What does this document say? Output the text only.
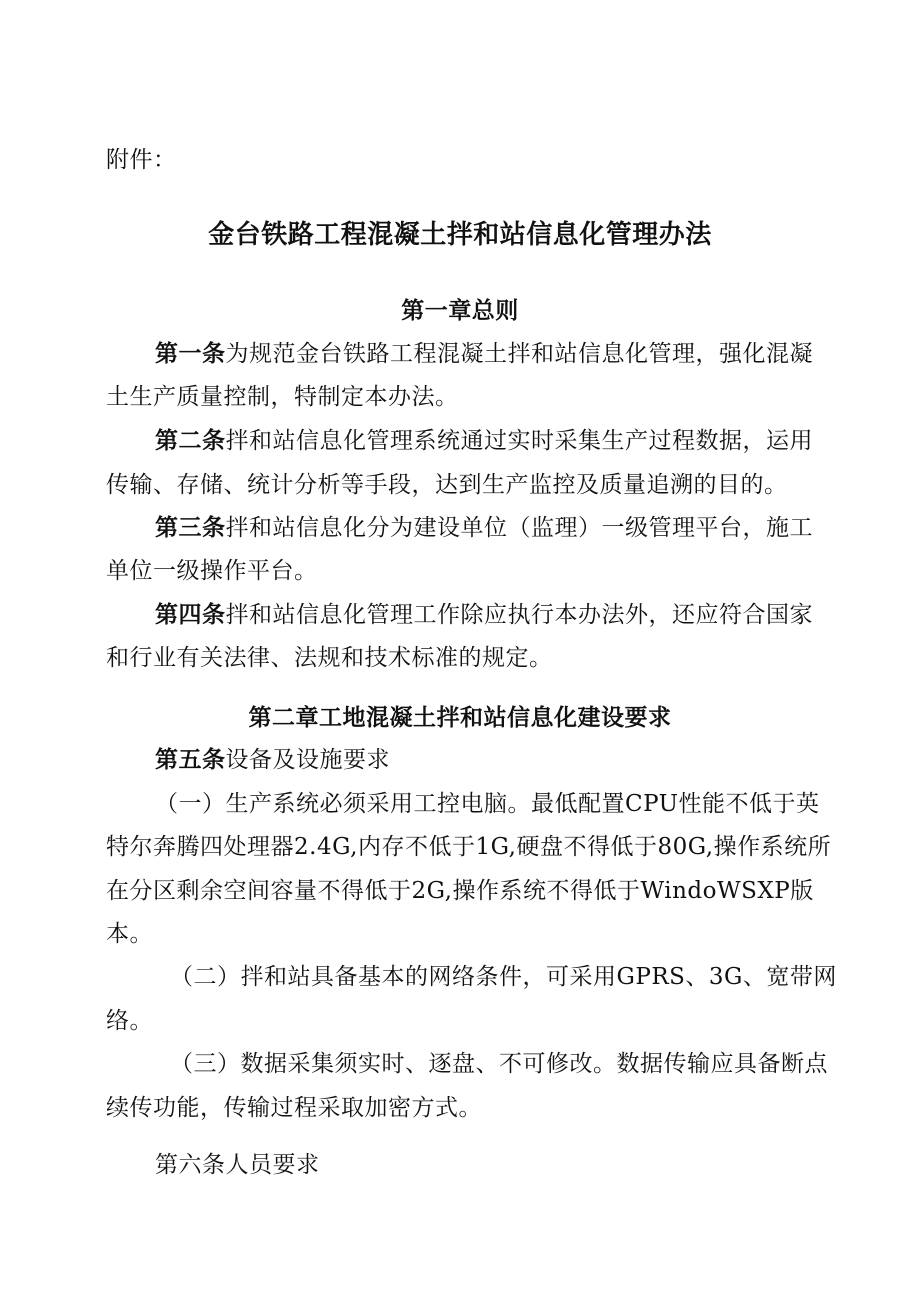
附件：
金台铁路工程混凝土拌和站信息化管理办法
第一章总则
第一条 为规范金台铁路工程混凝土拌和站信息化管理，强化混凝
土生产质量控制，特制定本办法。
第二条 拌和站信息化管理系统通过实时采集生产过程数据，运用
传输、存储、统计分析等手段，达到生产监控及质量追溯的目的。
第三条 拌和站信息化分为建设单位（监理）一级管理平台，施工
单位一级操作平台。
第四条 拌和站信息化管理工作除应执行本办法外，还应符合国家
和行业有关法律、法规和技术标准的规定。
第二章工地混凝土拌和站信息化建设要求
第五条设备及设施要求
（一）生产系统必须采用工控电脑。最低配置CPU性能不低于英
特尔奔腾四处理器2.4G,内存不低于1G,硬盘不得低于80G,操作系统所
在分区剩余空间容量不得低于2G,操作系统不得低于WindoWSXP版
本。
（二）拌和站具备基本的网络条件，可采用GPRS、3G、宽带网
络。
（三）数据采集须实时、逐盘、不可修改。数据传输应具备断点
续传功能，传输过程采取加密方式。
第六条人员要求
